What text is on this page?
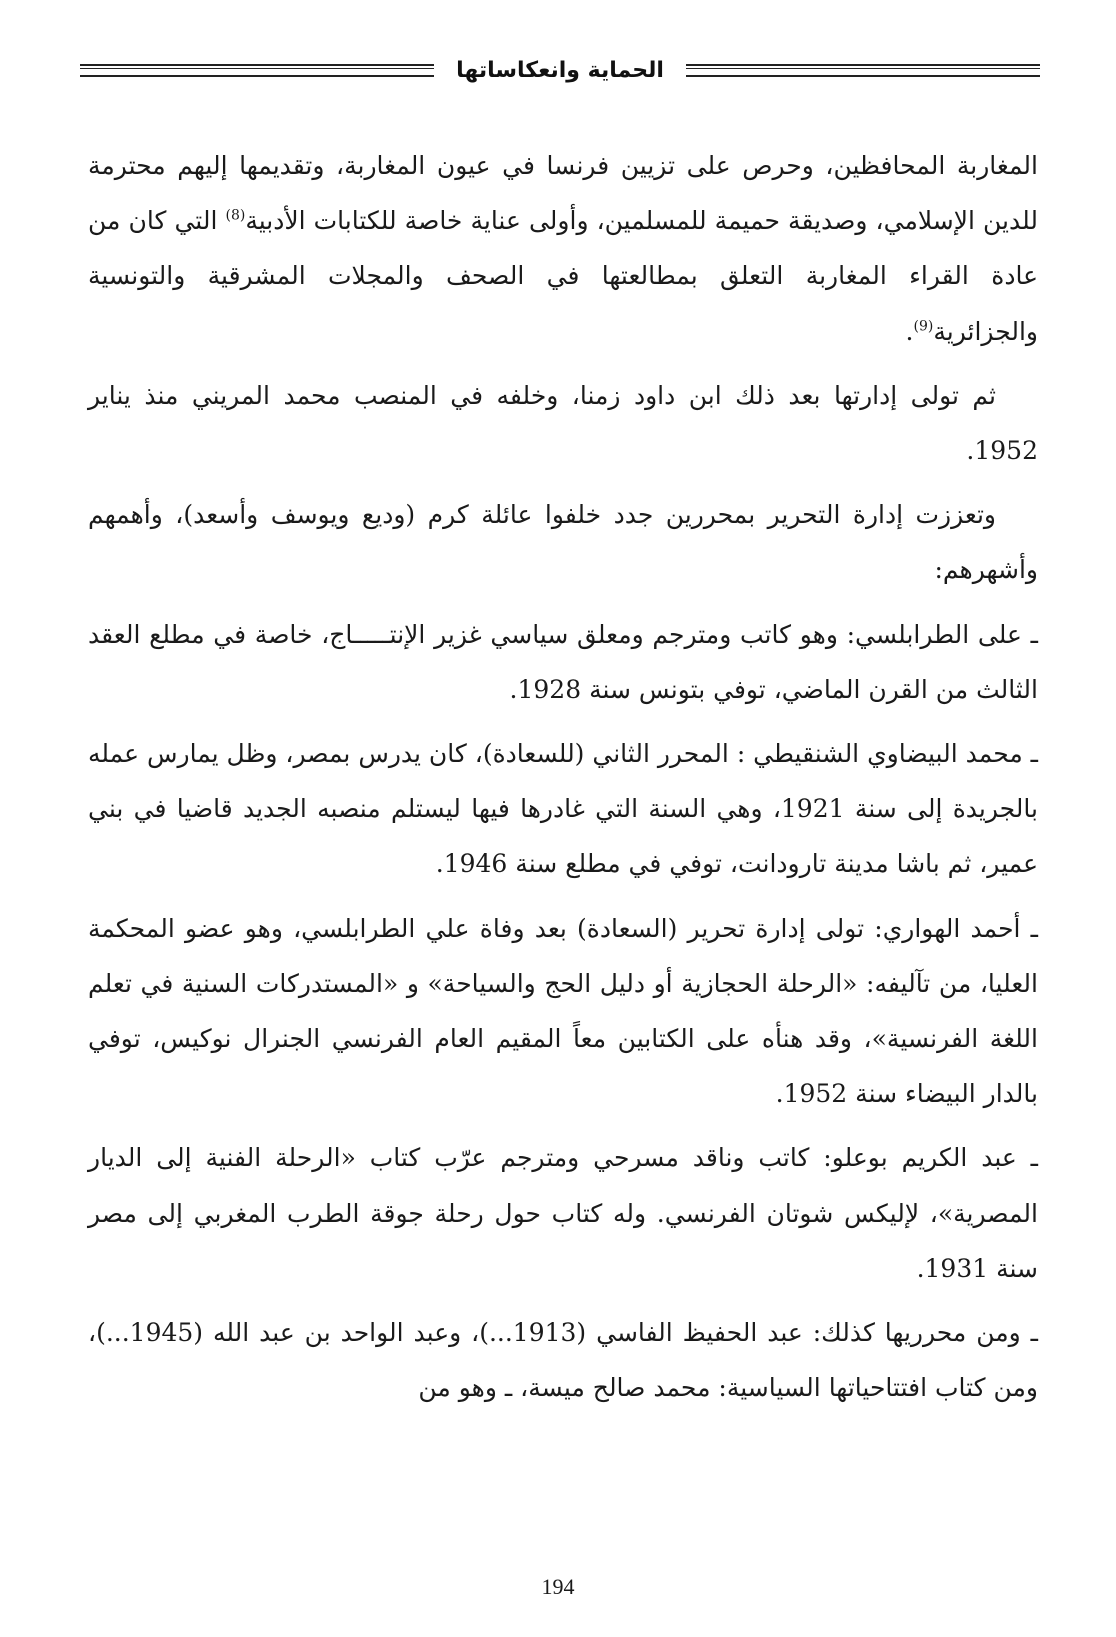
الحماية وانعكاساتها

المغاربة المحافظين، وحرص على تزيين فرنسا في عيون المغاربة، وتقديمها إليهم محترمة للدين الإسلامي، وصديقة حميمة للمسلمين، وأولى عناية خاصة للكتابات الأدبية$^{(8)}$ التي كان من عادة القراء المغاربة التعلق بمطالعتها في الصحف والمجلات المشرقية والتونسية والجزائرية$^{(9)}$.

ثم تولى إدارتها بعد ذلك ابن داود زمنا، وخلفه في المنصب محمد المريني منذ يناير 1952.

وتعززت إدارة التحرير بمحررين جدد خلفوا عائلة كرم (وديع ويوسف وأسعد)، وأهمهم وأشهرهم:

ـ على الطرابلسي: وهو كاتب ومترجم ومعلق سياسي غزير الإنتـــــاج، خاصة في مطلع العقد الثالث من القرن الماضي، توفي بتونس سنة 1928.

ـ محمد البيضاوي الشنقيطي : المحرر الثاني (للسعادة)، كان يدرس بمصر، وظل يمارس عمله بالجريدة إلى سنة 1921، وهي السنة التي غادرها فيها ليستلم منصبه الجديد قاضيا في بني عمير، ثم باشا مدينة تارودانت، توفي في مطلع سنة 1946.

ـ أحمد الهواري: تولى إدارة تحرير (السعادة) بعد وفاة علي الطرابلسي، وهو عضو المحكمة العليا، من تآليفه: «الرحلة الحجازية أو دليل الحج والسياحة» و «المستدركات السنية في تعلم اللغة الفرنسية»، وقد هنأه على الكتابين معاً المقيم العام الفرنسي الجنرال نوكيس، توفي بالدار البيضاء سنة 1952.

ـ عبد الكريم بوعلو: كاتب وناقد مسرحي ومترجم عرّب كتاب «الرحلة الفنية إلى الديار المصرية»، لإليكس شوتان الفرنسي. وله كتاب حول رحلة جوقة الطرب المغربي إلى مصر سنة 1931.

ـ ومن محرريها كذلك: عبد الحفيظ الفاسي (1913...)، وعبد الواحد بن عبد الله (1945...)، ومن كتاب افتتاحياتها السياسية: محمد صالح ميسة، ـ وهو من

194
